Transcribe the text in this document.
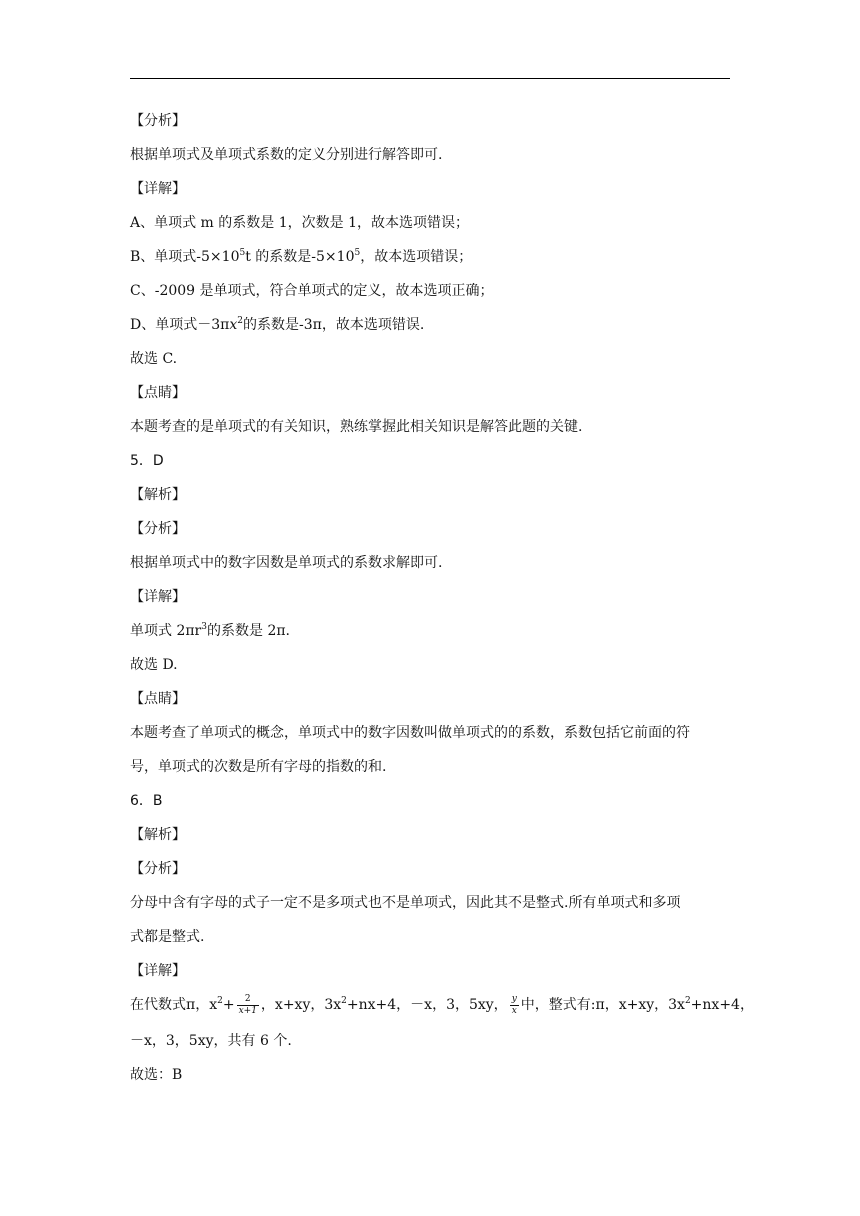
【分析】
根据单项式及单项式系数的定义分别进行解答即可.
【详解】
A、单项式 m 的系数是 1，次数是 1，故本选项错误；
B、单项式$-5\times 10^5t$ 的系数是$-5\times 10^5$，故本选项错误；
C、-2009 是单项式，符合单项式的定义，故本选项正确；
D、单项式$-3\pi x^2$的系数是-3π，故本选项错误.
故选 C.
【点睛】
本题考查的是单项式的有关知识，熟练掌握此相关知识是解答此题的关键.
5．D
【解析】
【分析】
根据单项式中的数字因数是单项式的系数求解即可.
【详解】
单项式 $2\pi r^3$的系数是 2π.
故选 D.
【点睛】
本题考查了单项式的概念，单项式中的数字因数叫做单项式的的系数，系数包括它前面的符
号，单项式的次数是所有字母的指数的和.
6．B
【解析】
【分析】
分母中含有字母的式子一定不是多项式也不是单项式，因此其不是整式.所有单项式和多项
式都是整式.
【详解】
在代数式π，$x^2+ \frac{2}{x+1}$ ，x+xy，$3x^2+nx+4$，－x，3，5xy， $\frac{y}{x}$ 中，整式有:π，x+xy，$3x^2+nx+4$，
－x，3，5xy，共有 6 个.
故选：B
